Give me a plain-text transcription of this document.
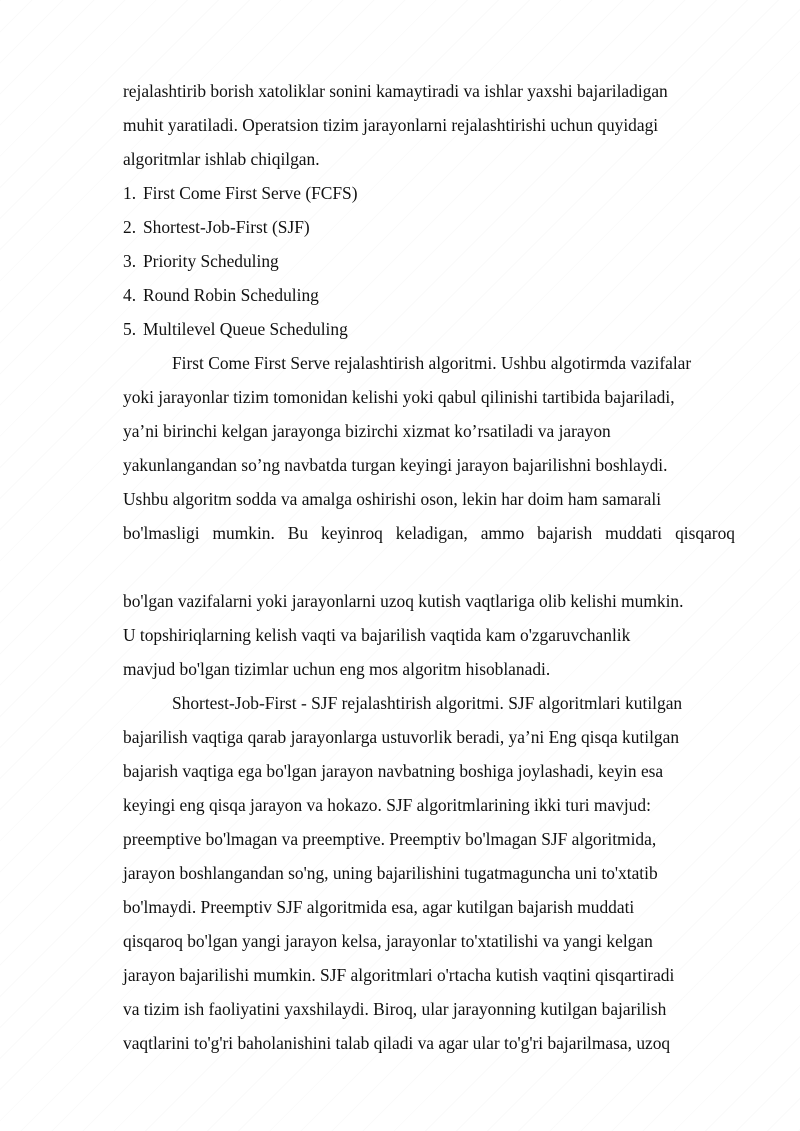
rejalashtirib borish xatoliklar sonini kamaytiradi va ishlar yaxshi bajariladigan

muhit yaratiladi. Operatsion tizim jarayonlarni rejalashtirishi uchun quyidagi

algoritmlar ishlab chiqilgan.

1. First Come First Serve (FCFS)
2. Shortest-Job-First (SJF)
3. Priority Scheduling
4. Round Robin Scheduling
5. Multilevel Queue Scheduling

First Come First Serve rejalashtirish algoritmi. Ushbu algotirmda vazifalar

yoki jarayonlar tizim tomonidan kelishi yoki qabul qilinishi tartibida bajariladi,

ya’ni birinchi kelgan jarayonga bizirchi xizmat ko’rsatiladi va jarayon

yakunlangandan so’ng navbatda turgan keyingi jarayon bajarilishni boshlaydi.

Ushbu algoritm sodda va amalga oshirishi oson, lekin har doim ham samarali

bo'lmasligi mumkin. Bu keyinroq keladigan, ammo bajarish muddati qisqaroq

bo'lgan vazifalarni yoki jarayonlarni uzoq kutish vaqtlariga olib kelishi mumkin.

U topshiriqlarning kelish vaqti va bajarilish vaqtida kam o'zgaruvchanlik

mavjud bo'lgan tizimlar uchun eng mos algoritm hisoblanadi.

Shortest-Job-First - SJF rejalashtirish algoritmi. SJF algoritmlari kutilgan

bajarilish vaqtiga qarab jarayonlarga ustuvorlik beradi, ya’ni Eng qisqa kutilgan

bajarish vaqtiga ega bo'lgan jarayon navbatning boshiga joylashadi, keyin esa

keyingi eng qisqa jarayon va hokazo. SJF algoritmlarining ikki turi mavjud:

preemptive bo'lmagan va preemptive. Preemptiv bo'lmagan SJF algoritmida,

jarayon boshlangandan so'ng, uning bajarilishini tugatmaguncha uni to'xtatib

bo'lmaydi. Preemptiv SJF algoritmida esa, agar kutilgan bajarish muddati

qisqaroq bo'lgan yangi jarayon kelsa, jarayonlar to'xtatilishi va yangi kelgan

jarayon bajarilishi mumkin. SJF algoritmlari o'rtacha kutish vaqtini qisqartiradi

va tizim ish faoliyatini yaxshilaydi. Biroq, ular jarayonning kutilgan bajarilish

vaqtlarini to'g'ri baholanishini talab qiladi va agar ular to'g'ri bajarilmasa, uzoq
